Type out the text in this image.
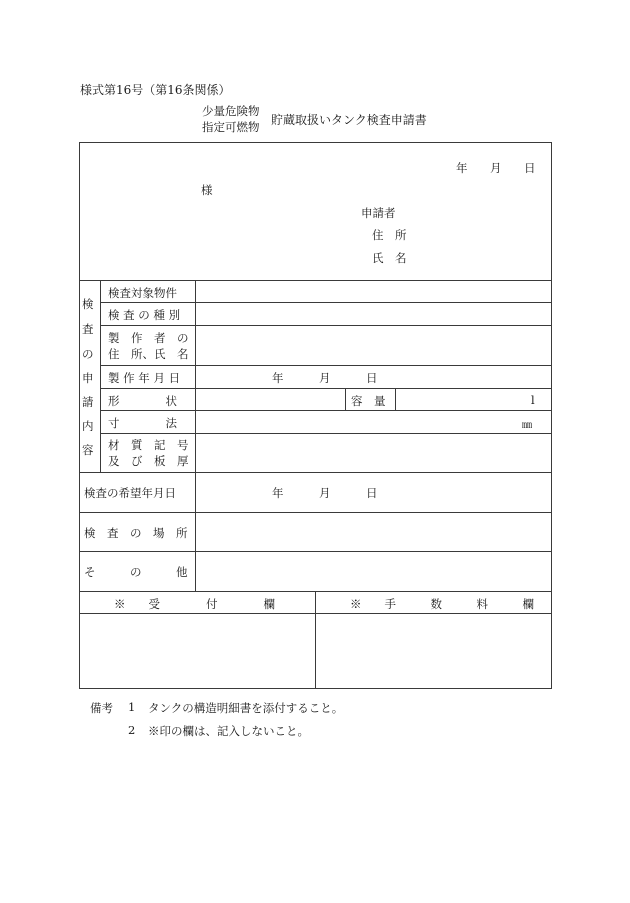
様式第16号（第16条関係）
少量危険物
指定可燃物 貯蔵取扱いタンク検査申請書
年 月 日
様
申請者
住　所
氏　名
検
査
の
申
請
内
容
検査対象物件
検 査 の 種 別
製　作　者　の
住　所、氏　名
製 作 年 月 日	年	月	日
形　　　　状	容　量	l
寸　　　　法	㎜
材　質　記　号
及　び　板　厚
検査の希望年月日	年	月	日
検　査　の　場　所
そ　　　の　　　他
※　　受　　　　付　　　　欄	※　　手　　　数　　　料　　　欄
備考 1 タンクの構造明細書を添付すること。
2 ※印の欄は、記入しないこと。
